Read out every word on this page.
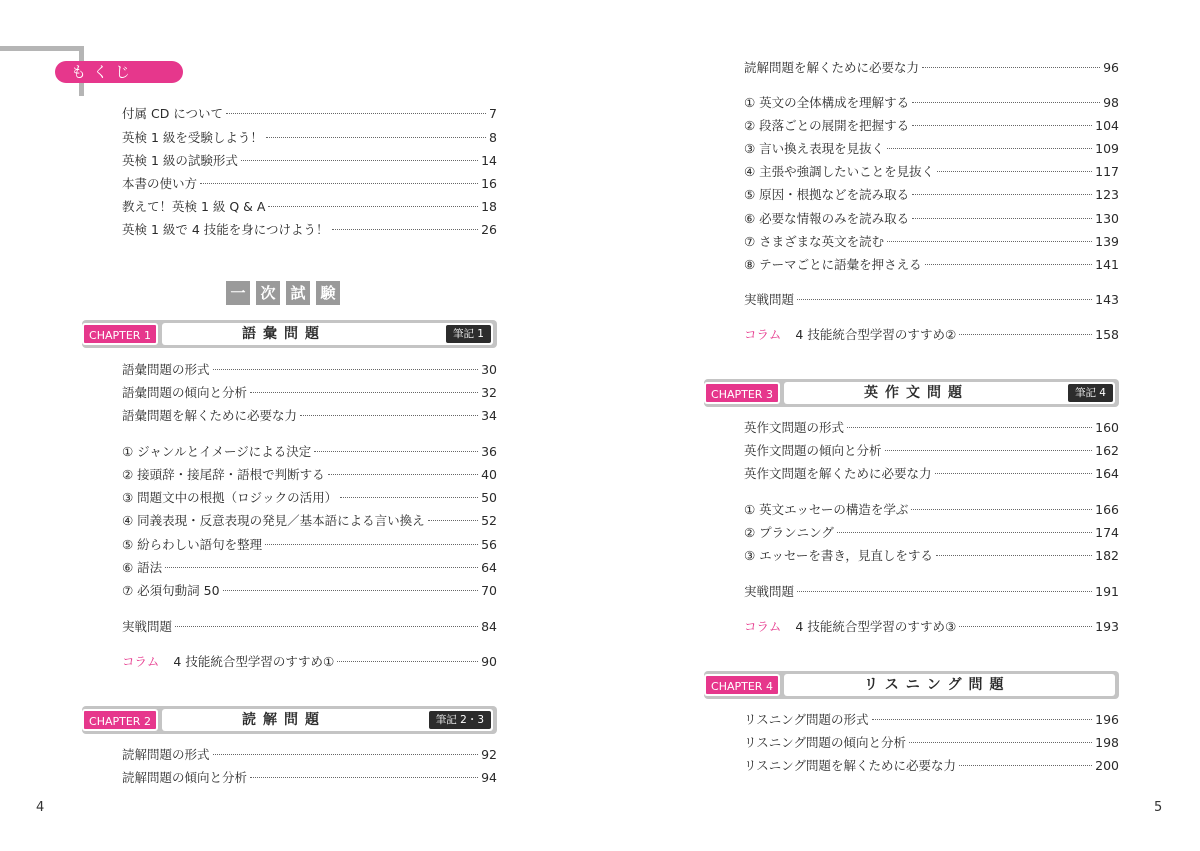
もくじ
付属 CD について	7
英検 1 級を受験しよう！	8
英検 1 級の試験形式	14
本書の使い方	16
教えて！英検 1 級 Q & A	18
英検 1 級で 4 技能を身につけよう！	26
一 次 試 験
CHAPTER 1	語彙問題	筆記 1
語彙問題の形式	30
語彙問題の傾向と分析	32
語彙問題を解くために必要な力	34
① ジャンルとイメージによる決定	36
② 接頭辞・接尾辞・語根で判断する	40
③ 問題文中の根拠（ロジックの活用）	50
④ 同義表現・反意表現の発見／基本語による言い換え	52
⑤ 紛らわしい語句を整理	56
⑥ 語法	64
⑦ 必須句動詞 50	70
実戦問題	84
コラム 4 技能統合型学習のすすめ①	90
CHAPTER 2	読解問題	筆記 2・3
読解問題の形式	92
読解問題の傾向と分析	94
4
読解問題を解くために必要な力	96
① 英文の全体構成を理解する	98
② 段落ごとの展開を把握する	104
③ 言い換え表現を見抜く	109
④ 主張や強調したいことを見抜く	117
⑤ 原因・根拠などを読み取る	123
⑥ 必要な情報のみを読み取る	130
⑦ さまざまな英文を読む	139
⑧ テーマごとに語彙を押さえる	141
実戦問題	143
コラム 4 技能統合型学習のすすめ②	158
CHAPTER 3	英作文問題	筆記 4
英作文問題の形式	160
英作文問題の傾向と分析	162
英作文問題を解くために必要な力	164
① 英文エッセーの構造を学ぶ	166
② プランニング	174
③ エッセーを書き，見直しをする	182
実戦問題	191
コラム 4 技能統合型学習のすすめ③	193
CHAPTER 4	リスニング問題
リスニング問題の形式	196
リスニング問題の傾向と分析	198
リスニング問題を解くために必要な力	200
5
